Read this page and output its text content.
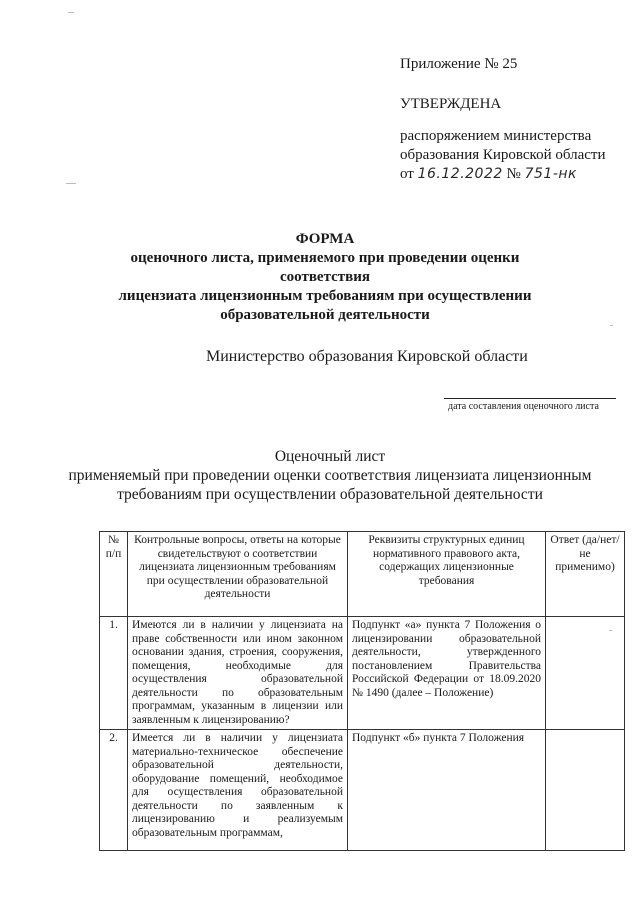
Приложение № 25
УТВЕРЖДЕНА
распоряжением министерства
образования Кировской области
от 16.12.2022 № 751-нк
ФОРМА
оценочного листа, применяемого при проведении оценки соответствия
лицензиата лицензионным требованиям при осуществлении
образовательной деятельности
Министерство образования Кировской области
дата составления оценочного листа
Оценочный лист
применяемый при проведении оценки соответствия лицензиата лицензионным
требованиям при осуществлении образовательной деятельности
№ п/п	Контрольные вопросы, ответы на которые свидетельствуют о соответствии лицензиата лицензионным требованиям при осуществлении образовательной деятельности	Реквизиты структурных единиц нормативного правового акта, содержащих лицензионные требования	Ответ (да/нет/не применимо)
1.	Имеются ли в наличии у лицензиата на праве собственности или ином законном основании здания, строения, сооружения, помещения, необходимые для осуществления образовательной деятельности по образовательным программам, указанным в лицензии или заявленным к лицензированию?	Подпункт «а» пункта 7 Положения о лицензировании образовательной деятельности, утвержденного постановлением Правительства Российской Федерации от 18.09.2020 № 1490 (далее – Положение)	
2.	Имеется ли в наличии у лицензиата материально-техническое обеспечение образовательной деятельности, оборудование помещений, необходимое для осуществления образовательной деятельности по заявленным к лицензированию и реализуемым образовательным программам,	Подпункт «б» пункта 7 Положения	
